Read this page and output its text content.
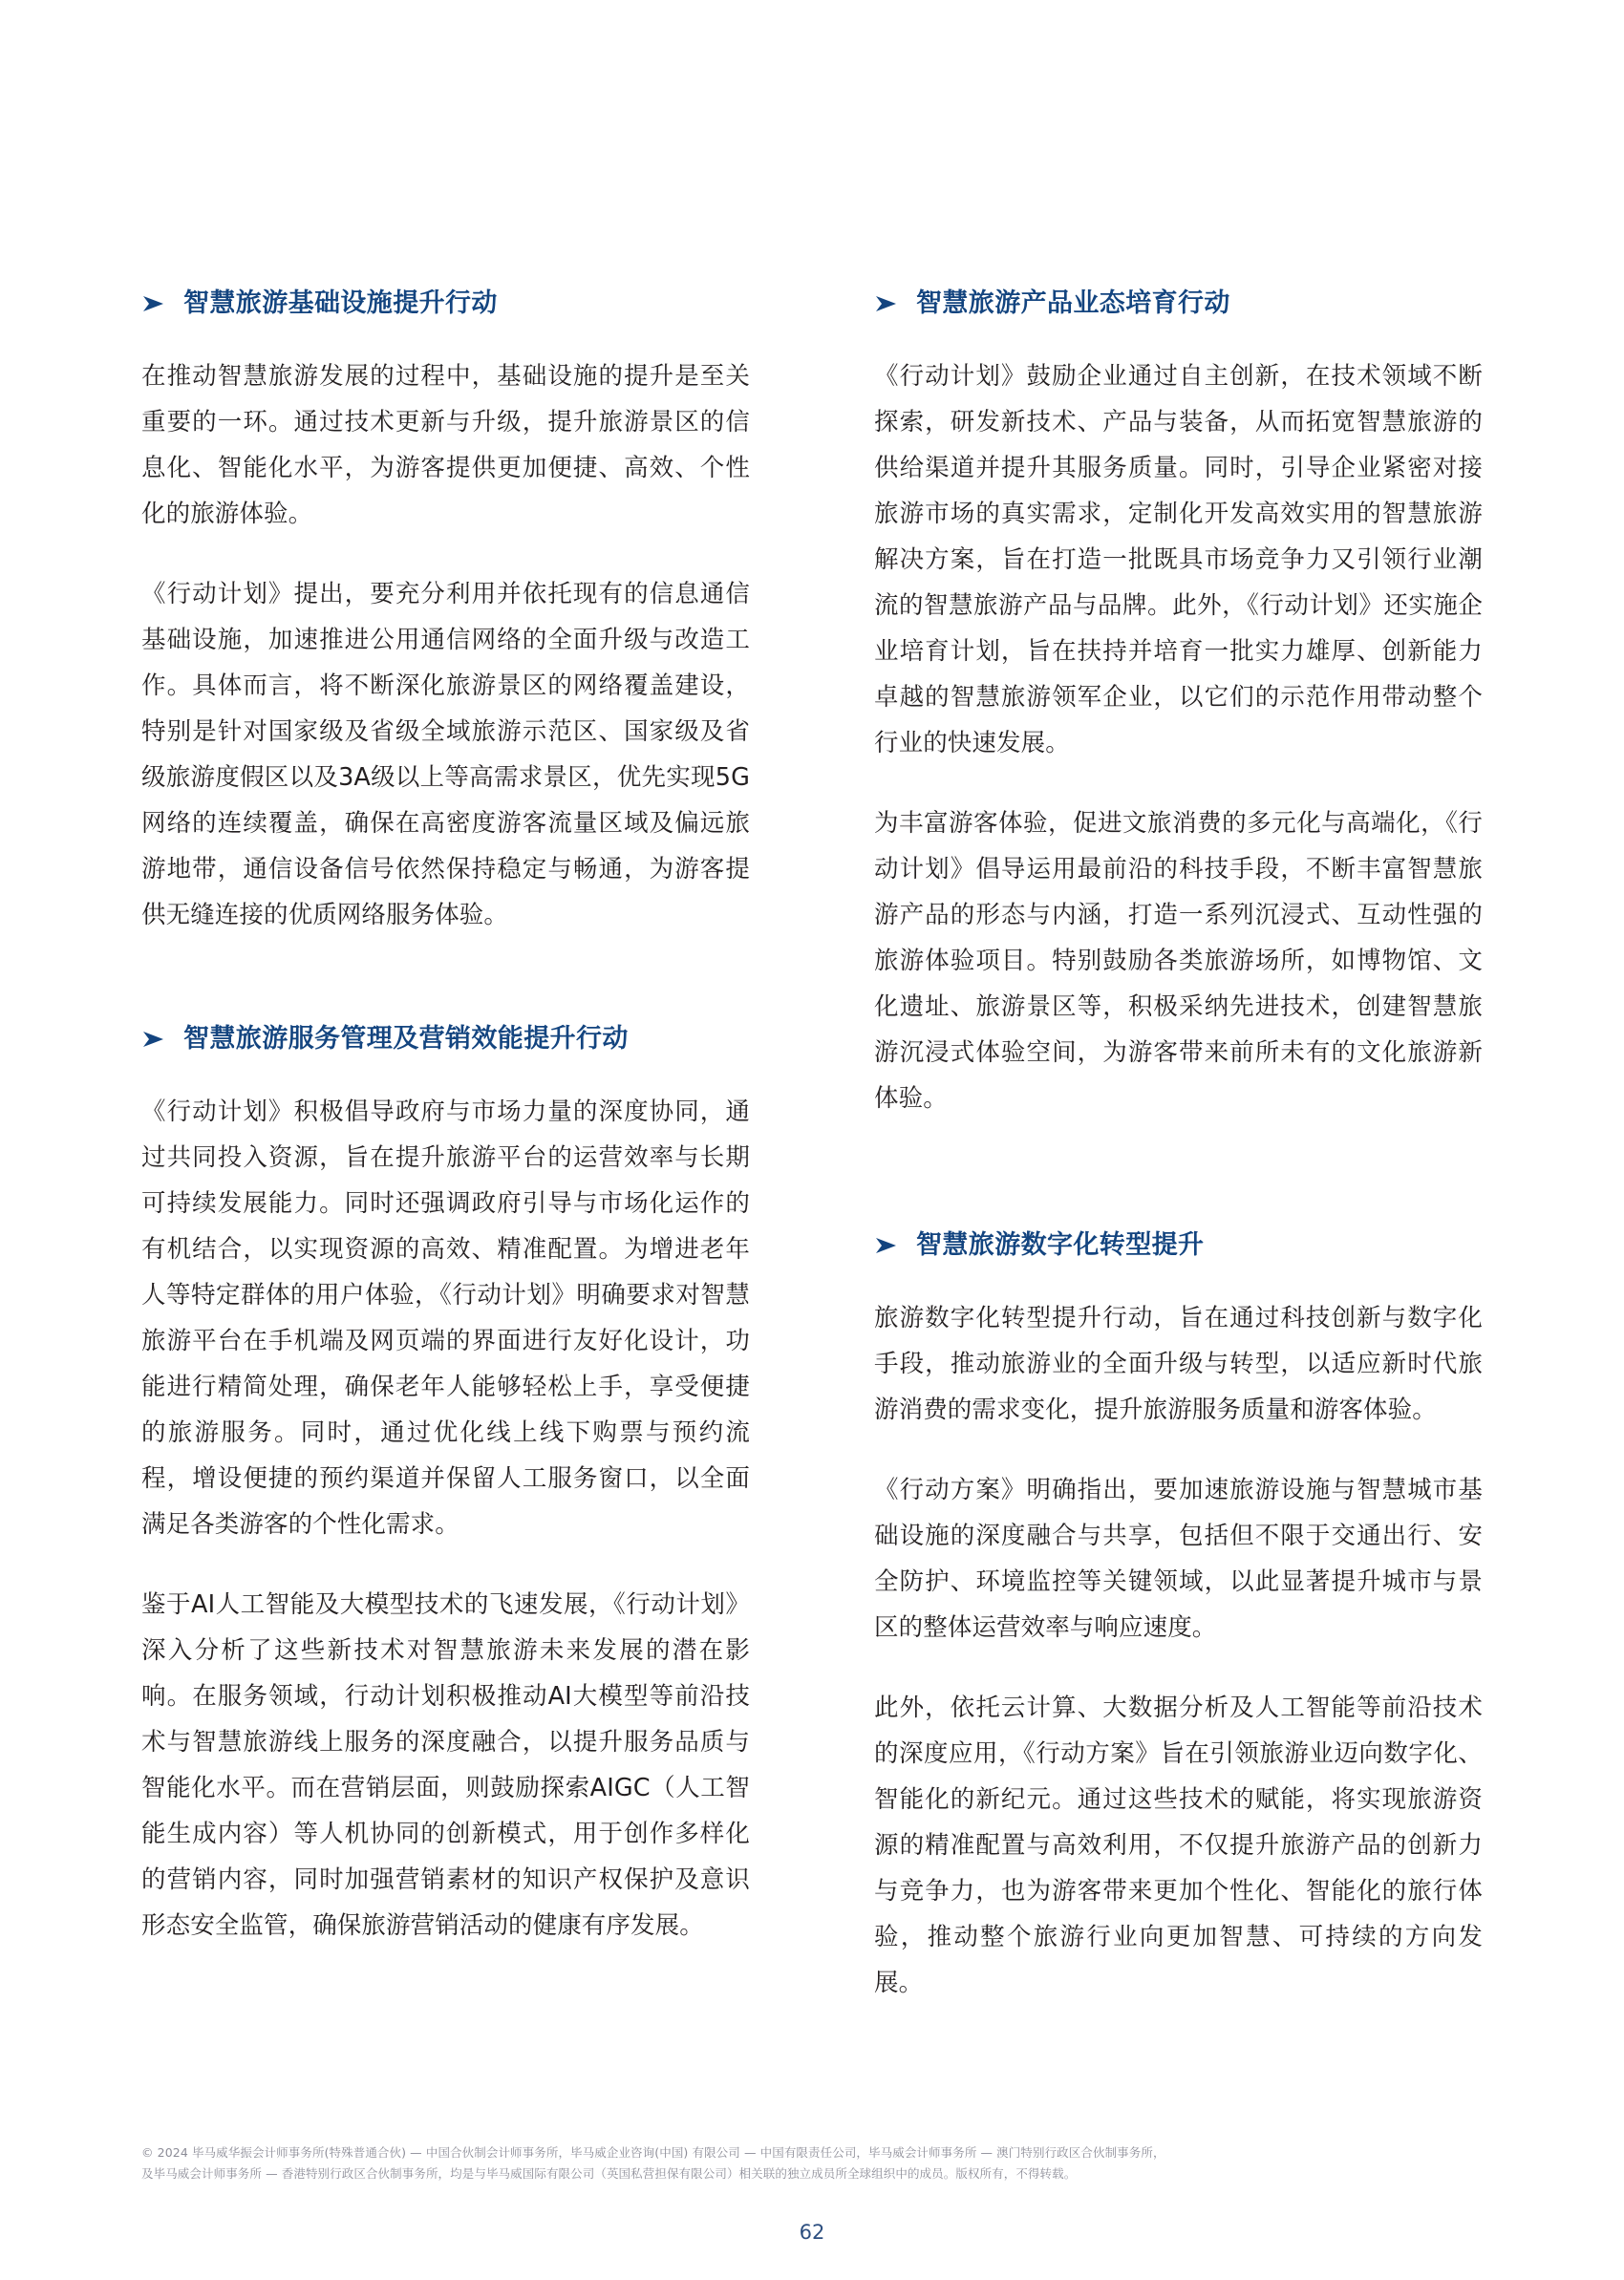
智慧旅游基础设施提升行动

在推动智慧旅游发展的过程中，基础设施的提升是至关重要的一环。通过技术更新与升级，提升旅游景区的信息化、智能化水平，为游客提供更加便捷、高效、个性化的旅游体验。

《行动计划》提出，要充分利用并依托现有的信息通信基础设施，加速推进公用通信网络的全面升级与改造工作。具体而言，将不断深化旅游景区的网络覆盖建设，特别是针对国家级及省级全域旅游示范区、国家级及省级旅游度假区以及3A级以上等高需求景区，优先实现5G网络的连续覆盖，确保在高密度游客流量区域及偏远旅游地带，通信设备信号依然保持稳定与畅通，为游客提供无缝连接的优质网络服务体验。

智慧旅游服务管理及营销效能提升行动

《行动计划》积极倡导政府与市场力量的深度协同，通过共同投入资源，旨在提升旅游平台的运营效率与长期可持续发展能力。同时还强调政府引导与市场化运作的有机结合，以实现资源的高效、精准配置。为增进老年人等特定群体的用户体验，《行动计划》明确要求对智慧旅游平台在手机端及网页端的界面进行友好化设计，功能进行精简处理，确保老年人能够轻松上手，享受便捷的旅游服务。同时，通过优化线上线下购票与预约流程，增设便捷的预约渠道并保留人工服务窗口，以全面满足各类游客的个性化需求。

鉴于AI人工智能及大模型技术的飞速发展，《行动计划》深入分析了这些新技术对智慧旅游未来发展的潜在影响。在服务领域，行动计划积极推动AI大模型等前沿技术与智慧旅游线上服务的深度融合，以提升服务品质与智能化水平。而在营销层面，则鼓励探索AIGC（人工智能生成内容）等人机协同的创新模式，用于创作多样化的营销内容，同时加强营销素材的知识产权保护及意识形态安全监管，确保旅游营销活动的健康有序发展。

智慧旅游产品业态培育行动

《行动计划》鼓励企业通过自主创新，在技术领域不断探索，研发新技术、产品与装备，从而拓宽智慧旅游的供给渠道并提升其服务质量。同时，引导企业紧密对接旅游市场的真实需求，定制化开发高效实用的智慧旅游解决方案，旨在打造一批既具市场竞争力又引领行业潮流的智慧旅游产品与品牌。此外，《行动计划》还实施企业培育计划，旨在扶持并培育一批实力雄厚、创新能力卓越的智慧旅游领军企业，以它们的示范作用带动整个行业的快速发展。

为丰富游客体验，促进文旅消费的多元化与高端化，《行动计划》倡导运用最前沿的科技手段，不断丰富智慧旅游产品的形态与内涵，打造一系列沉浸式、互动性强的旅游体验项目。特别鼓励各类旅游场所，如博物馆、文化遗址、旅游景区等，积极采纳先进技术，创建智慧旅游沉浸式体验空间，为游客带来前所未有的文化旅游新体验。

智慧旅游数字化转型提升

旅游数字化转型提升行动，旨在通过科技创新与数字化手段，推动旅游业的全面升级与转型，以适应新时代旅游消费的需求变化，提升旅游服务质量和游客体验。

《行动方案》明确指出，要加速旅游设施与智慧城市基础设施的深度融合与共享，包括但不限于交通出行、安全防护、环境监控等关键领域，以此显著提升城市与景区的整体运营效率与响应速度。

此外，依托云计算、大数据分析及人工智能等前沿技术的深度应用，《行动方案》旨在引领旅游业迈向数字化、智能化的新纪元。通过这些技术的赋能，将实现旅游资源的精准配置与高效利用，不仅提升旅游产品的创新力与竞争力，也为游客带来更加个性化、智能化的旅行体验，推动整个旅游行业向更加智慧、可持续的方向发展。

© 2024 毕马威华振会计师事务所(特殊普通合伙) — 中国合伙制会计师事务所，毕马威企业咨询(中国) 有限公司 — 中国有限责任公司，毕马威会计师事务所 — 澳门特别行政区合伙制事务所，
及毕马威会计师事务所 — 香港特别行政区合伙制事务所，均是与毕马威国际有限公司（英国私营担保有限公司）相关联的独立成员所全球组织中的成员。版权所有，不得转载。
62
